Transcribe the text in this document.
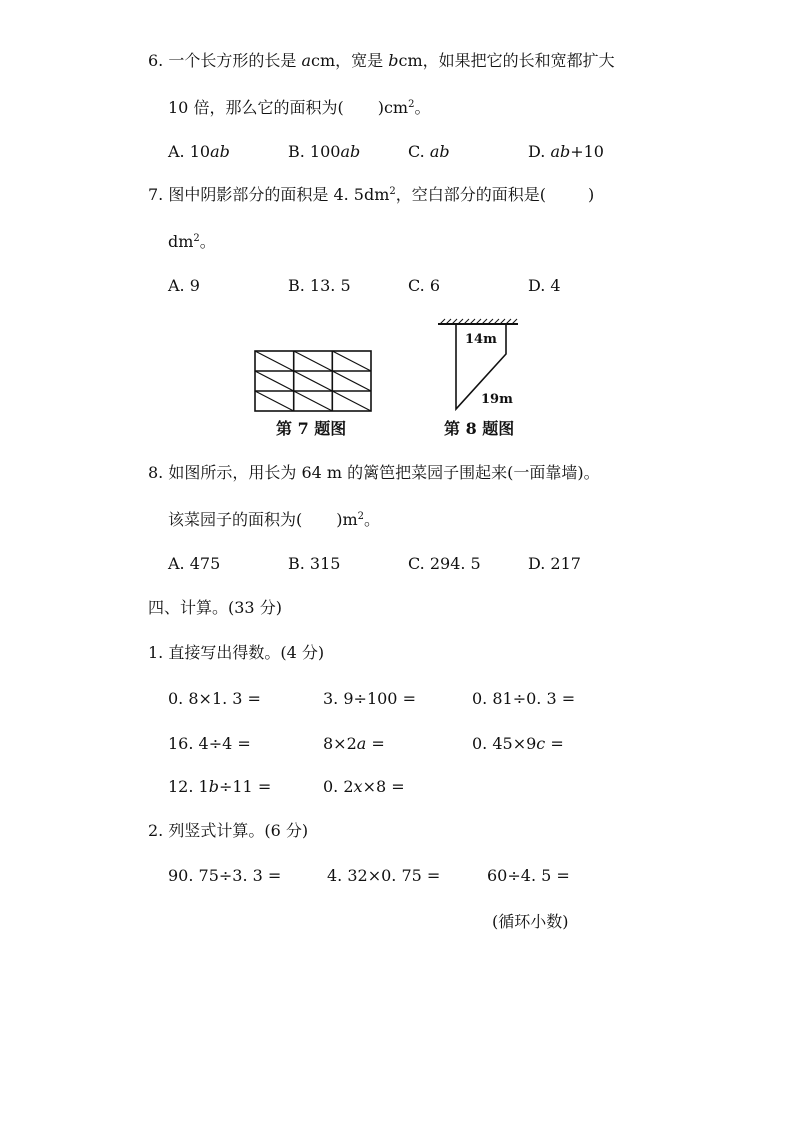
6. 一个长方形的长是 acm，宽是 bcm，如果把它的长和宽都扩大
10 倍，那么它的面积为( )$cm^2$。
A. 10ab	B. 100ab	C. ab	D. ab+10
7. 图中阴影部分的面积是 4. $5dm^2$，空白部分的面积是(	)
$dm^2$。
A. 9	B. 13. 5	C. 6	D. 4
第 7 题图
14m
19m
第 8 题图
8. 如图所示，用长为 64 m 的篱笆把菜园子围起来(一面靠墙)。
该菜园子的面积为( )$m^2$。
A. 475	B. 315	C. 294. 5	D. 217
四、计算。(33 分)
1. 直接写出得数。(4 分)
0. 8×1. 3 =	3. 9÷100 =	0. 81÷0. 3 =
16. 4÷4 =	8×2a =	0. 45×9c =
12. 1b÷11 =	0. 2x×8 =
2. 列竖式计算。(6 分)
90. 75÷3. 3 =	4. 32×0. 75 =	60÷4. 5 =
(循环小数)
